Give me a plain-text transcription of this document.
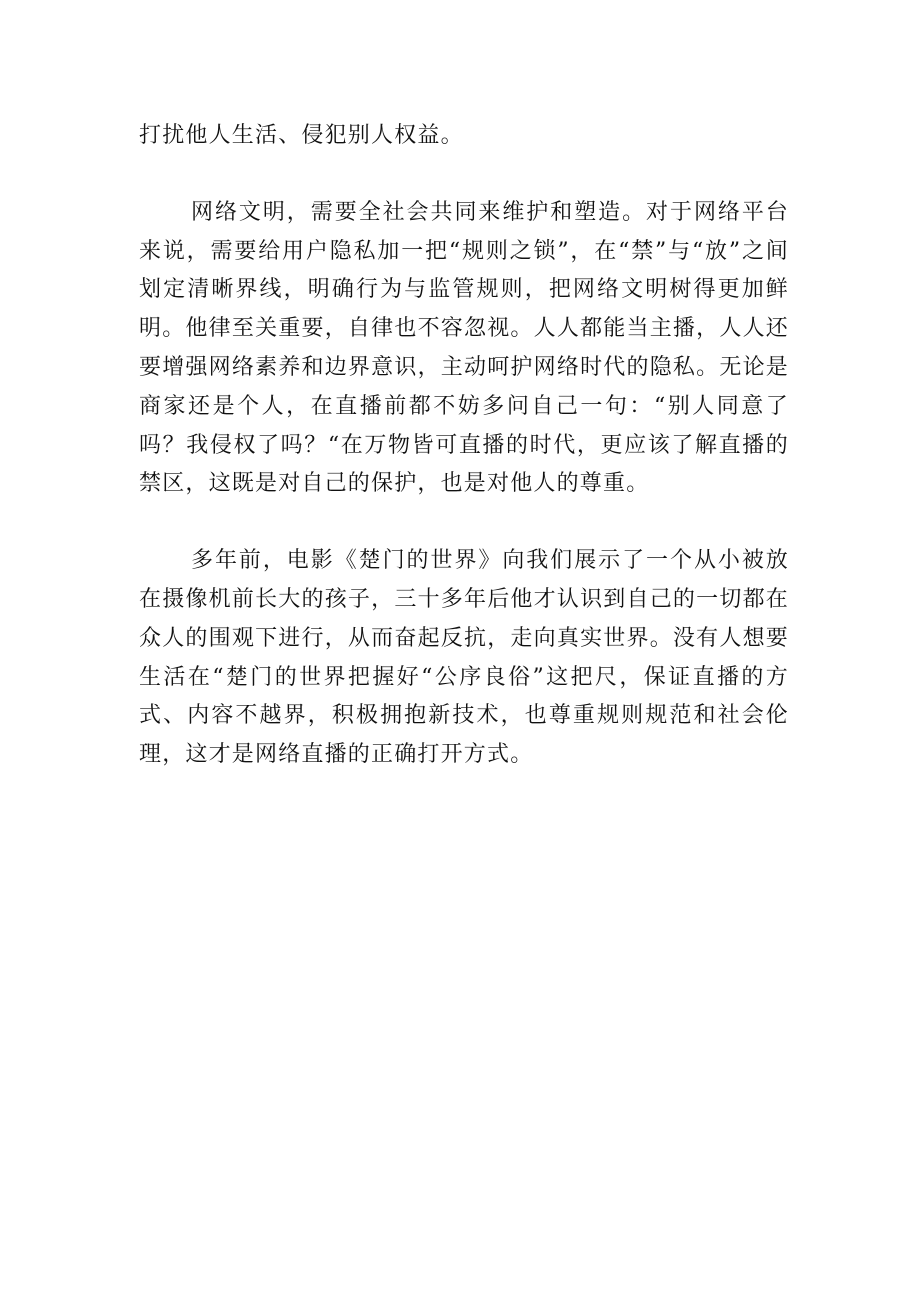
打扰他人生活、侵犯别人权益。

网络文明，需要全社会共同来维护和塑造。对于网络平台来说，需要给用户隐私加一把“规则之锁”，在“禁”与“放”之间划定清晰界线，明确行为与监管规则，把网络文明树得更加鲜明。他律至关重要，自律也不容忽视。人人都能当主播，人人还要增强网络素养和边界意识，主动呵护网络时代的隐私。无论是商家还是个人，在直播前都不妨多问自己一句：“别人同意了吗？我侵权了吗？“在万物皆可直播的时代，更应该了解直播的禁区，这既是对自己的保护，也是对他人的尊重。

多年前，电影《楚门的世界》向我们展示了一个从小被放在摄像机前长大的孩子，三十多年后他才认识到自己的一切都在众人的围观下进行，从而奋起反抗，走向真实世界。没有人想要生活在“楚门的世界把握好“公序良俗”这把尺，保证直播的方式、内容不越界，积极拥抱新技术，也尊重规则规范和社会伦理，这才是网络直播的正确打开方式。
